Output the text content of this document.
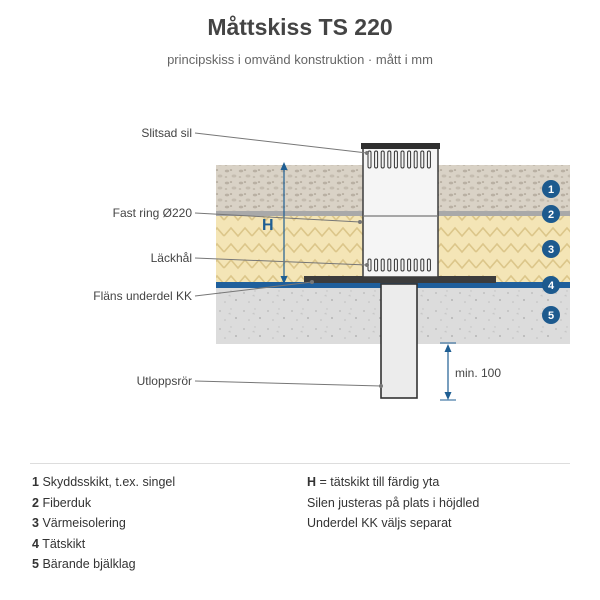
Måttskiss TS 220
principskiss i omvänd konstruktion · mått i mm
H
min. 100
1
2
3
4
5
Slitsad sil
Fast ring Ø220
Läckhål
Fläns underdel KK
Utloppsrör
1 Skyddsskikt, t.ex. singel
2 Fiberduk
3 Värmeisolering
4 Tätskikt
5 Bärande bjälklag
H = tätskikt till färdig yta
Silen justeras på plats i höjdled
Underdel KK väljs separat
